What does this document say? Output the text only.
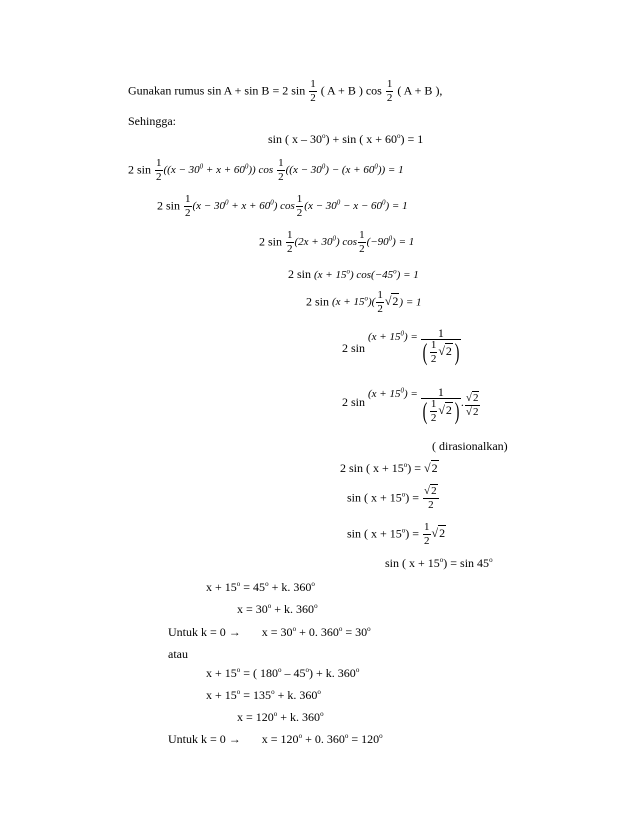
Gunakan rumus sin A + sin B = 2 $\sin \frac{1}{2}$ ( A + B ) $\cos \frac{1}{2}$ ( A + B ),
Sehingga:
sin ( $x - 30^o) + \sin$ ( $x + 60^o) = 1$
2 $\sin \frac{1}{2} ((x - 30^0 + x + 60^0))$ $\cos \frac{1}{2} ((x - 30^0) - (x + 60^0)) = 1$
2 $\sin \frac{1}{2} (x - 30^0 + x + 60^0)$ $\cos \frac{1}{2} (x - 30^0 - x - 60^0) = 1$
2 $\sin \frac{1}{2} (2x + 30^0)$ $\cos \frac{1}{2} (-90^0) = 1$
2 $\sin (x + 15^o)$ $\cos(-45^o) = 1$
2 $\sin (x + 15^o)( \frac{1}{2} √2) = 1$
2 $\sin (x + 15^0) = \frac{1}{( \frac{1}{2} √2 )}$
2 $\sin (x + 15^0) = \frac{1}{( \frac{1}{2} √2 )}$ . $\frac{√2}{√2}$
( dirasionalkan)
2 sin ( $x + 15^o) = √2$
sin ( $x + 15^o) = \frac{√2}{2}$
sin ( $x + 15^o) = \frac{1}{2} √2$
sin ( $x + 15^o) = \sin 45^o$
$x + 15^o = 45^o + k$. 360$^o$
$x = 30^o + k$. 360$^o$
Untuk $k = 0 \to x = 30^o + 0$. $360^o = 30^o$
atau
$x + 15^o$ = ( $180^o - 45^o) + k$. 360$^o$
$x + 15^o = 135^o + k$. 360$^o$
$x = 120^o + k$. 360$^o$
Untuk $k = 0 \to x = 120^o + 0$. $360^o = 120^o$
